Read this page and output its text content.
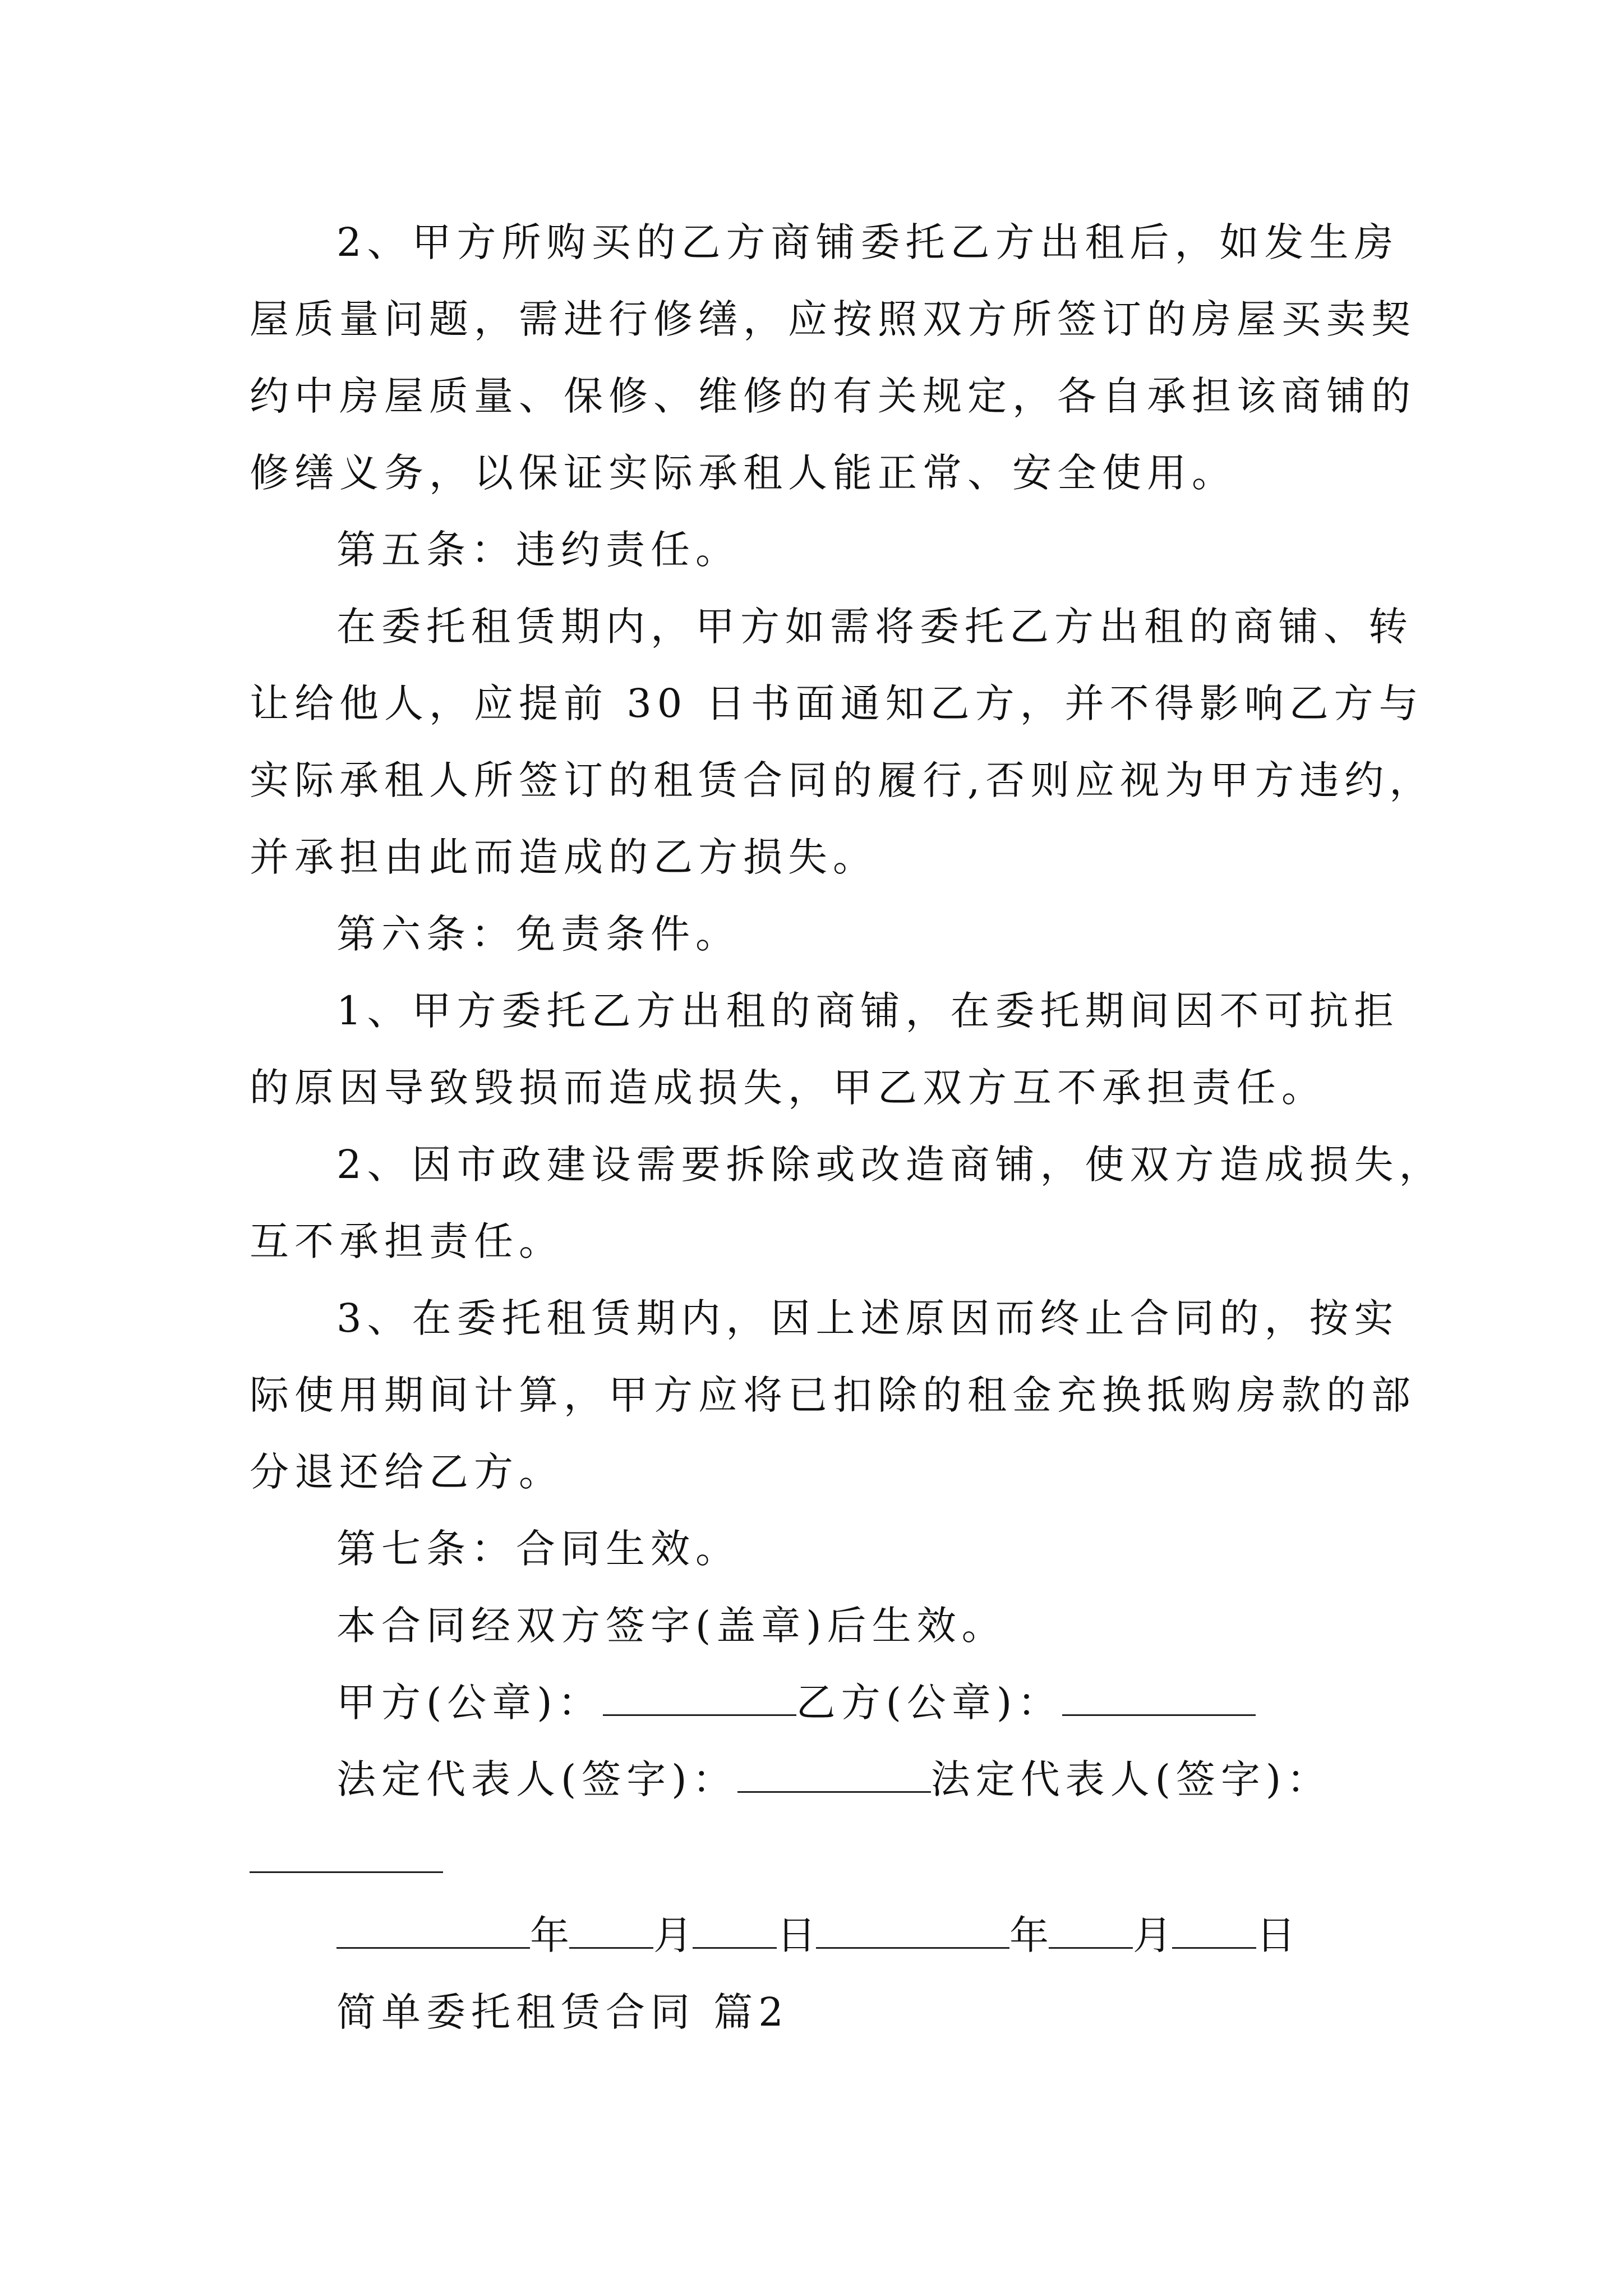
2、甲方所购买的乙方商铺委托乙方出租后，如发生房
屋质量问题，需进行修缮，应按照双方所签订的房屋买卖契
约中房屋质量、保修、维修的有关规定，各自承担该商铺的
修缮义务，以保证实际承租人能正常、安全使用。
第五条：违约责任。
在委托租赁期内，甲方如需将委托乙方出租的商铺、转
让给他人，应提前 30 日书面通知乙方，并不得影响乙方与
实际承租人所签订的租赁合同的履行,否则应视为甲方违约，
并承担由此而造成的乙方损失。
第六条：免责条件。
1、甲方委托乙方出租的商铺，在委托期间因不可抗拒
的原因导致毁损而造成损失，甲乙双方互不承担责任。
2、因市政建设需要拆除或改造商铺，使双方造成损失，
互不承担责任。
3、在委托租赁期内，因上述原因而终止合同的，按实
际使用期间计算，甲方应将已扣除的租金充换抵购房款的部
分退还给乙方。
第七条：合同生效。
本合同经双方签字(盖章)后生效。
甲方(公章)：	乙方(公章)：
法定代表人(签字)：	法定代表人(签字)：
年 月 日	年 月 日
简单委托租赁合同 篇2
